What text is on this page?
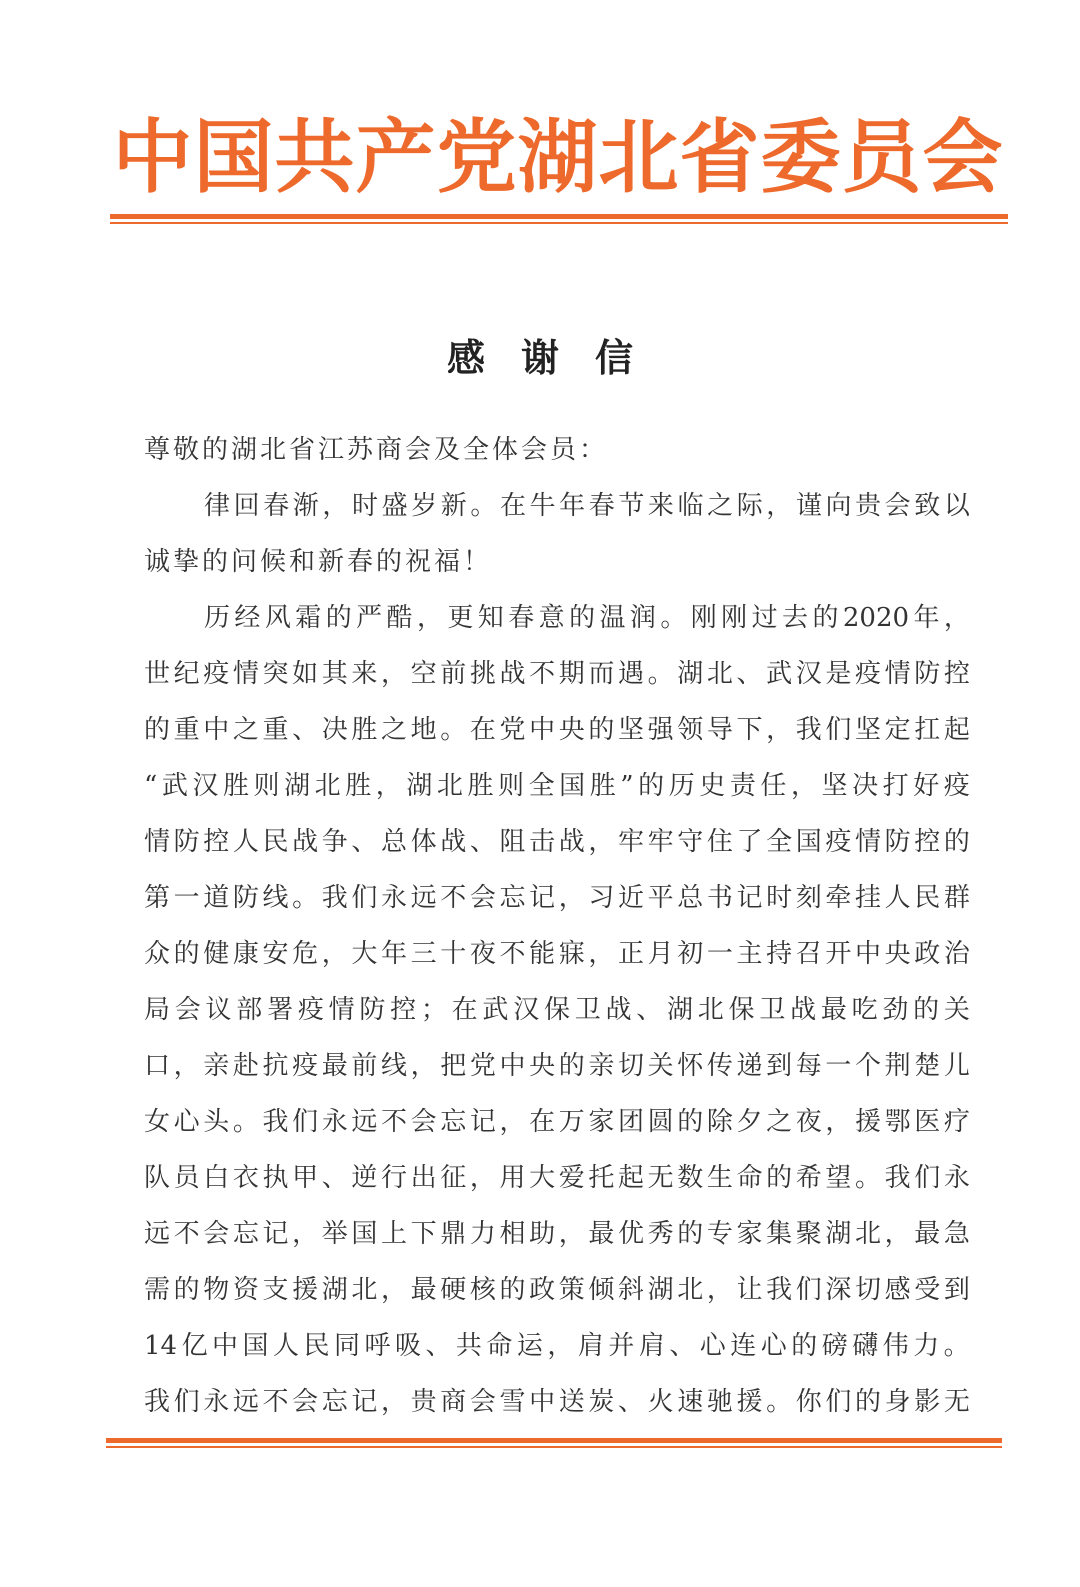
中国共产党湖北省委员会
感谢信
尊敬的湖北省江苏商会及全体会员：
律 回 春 渐 ， 时 盛 岁 新 。 在 牛 年 春 节 来 临 之 际 ， 谨 向 贵 会 致 以
诚挚的问候和新春的祝福！
历 经 风 霜 的 严 酷 ， 更 知 春 意 的 温 润 。 刚 刚 过 去 的 2020 年 ，
世 纪 疫 情 突 如 其 来 ， 空 前 挑 战 不 期 而 遇 。 湖 北 、 武 汉 是 疫 情 防 控
的 重 中 之 重 、 决 胜 之 地 。 在 党 中 央 的 坚 强 领 导 下 ， 我 们 坚 定 扛 起
“ 武 汉 胜 则 湖 北 胜 ， 湖 北 胜 则 全 国 胜 ” 的 历 史 责 任 ， 坚 决 打 好 疫
情 防 控 人 民 战 争 、 总 体 战 、 阻 击 战 ， 牢 牢 守 住 了 全 国 疫 情 防 控 的
第 一 道 防 线 。 我 们 永 远 不 会 忘 记 ， 习 近 平 总 书 记 时 刻 牵 挂 人 民 群
众 的 健 康 安 危 ， 大 年 三 十 夜 不 能 寐 ， 正 月 初 一 主 持 召 开 中 央 政 治
局 会 议 部 署 疫 情 防 控 ； 在 武 汉 保 卫 战 、 湖 北 保 卫 战 最 吃 劲 的 关
口 ， 亲 赴 抗 疫 最 前 线 ， 把 党 中 央 的 亲 切 关 怀 传 递 到 每 一 个 荆 楚 儿
女 心 头 。 我 们 永 远 不 会 忘 记 ， 在 万 家 团 圆 的 除 夕 之 夜 ， 援 鄂 医 疗
队 员 白 衣 执 甲 、 逆 行 出 征 ， 用 大 爱 托 起 无 数 生 命 的 希 望 。 我 们 永
远 不 会 忘 记 ， 举 国 上 下 鼎 力 相 助 ， 最 优 秀 的 专 家 集 聚 湖 北 ， 最 急
需 的 物 资 支 援 湖 北 ， 最 硬 核 的 政 策 倾 斜 湖 北 ， 让 我 们 深 切 感 受 到
14 亿 中 国 人 民 同 呼 吸 、 共 命 运 ， 肩 并 肩 、 心 连 心 的 磅 礴 伟 力 。
我 们 永 远 不 会 忘 记 ， 贵 商 会 雪 中 送 炭 、 火 速 驰 援 。 你 们 的 身 影 无
